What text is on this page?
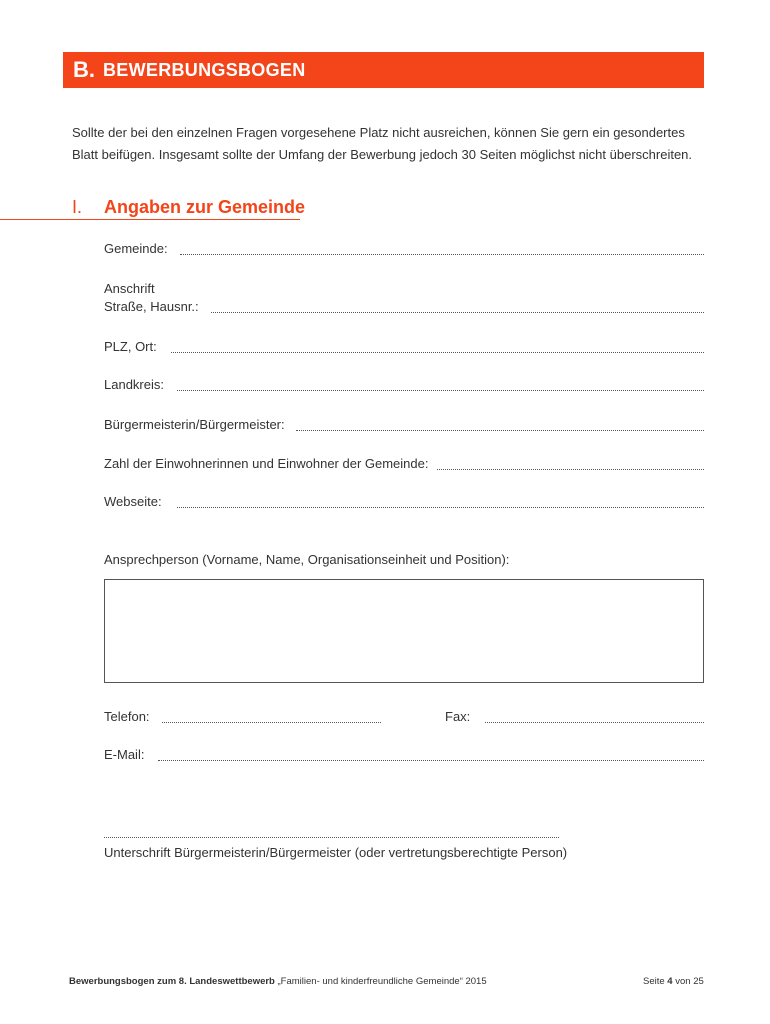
B. BEWERBUNGSBOGEN
Sollte der bei den einzelnen Fragen vorgesehene Platz nicht ausreichen, können Sie gern ein gesondertes
Blatt beifügen. Insgesamt sollte der Umfang der Bewerbung jedoch 30 Seiten möglichst nicht überschreiten.
I. Angaben zur Gemeinde
Gemeinde:
Anschrift
Straße, Hausnr.:
PLZ, Ort:
Landkreis:
Bürgermeisterin/Bürgermeister:
Zahl der Einwohnerinnen und Einwohner der Gemeinde:
Webseite:
Ansprechperson (Vorname, Name, Organisationseinheit und Position):
Telefon:	Fax:
E-Mail:
Unterschrift Bürgermeisterin/Bürgermeister (oder vertretungsberechtigte Person)
Bewerbungsbogen zum 8. Landeswettbewerb „Familien- und kinderfreundliche Gemeinde“ 2015	Seite 4 von 25
